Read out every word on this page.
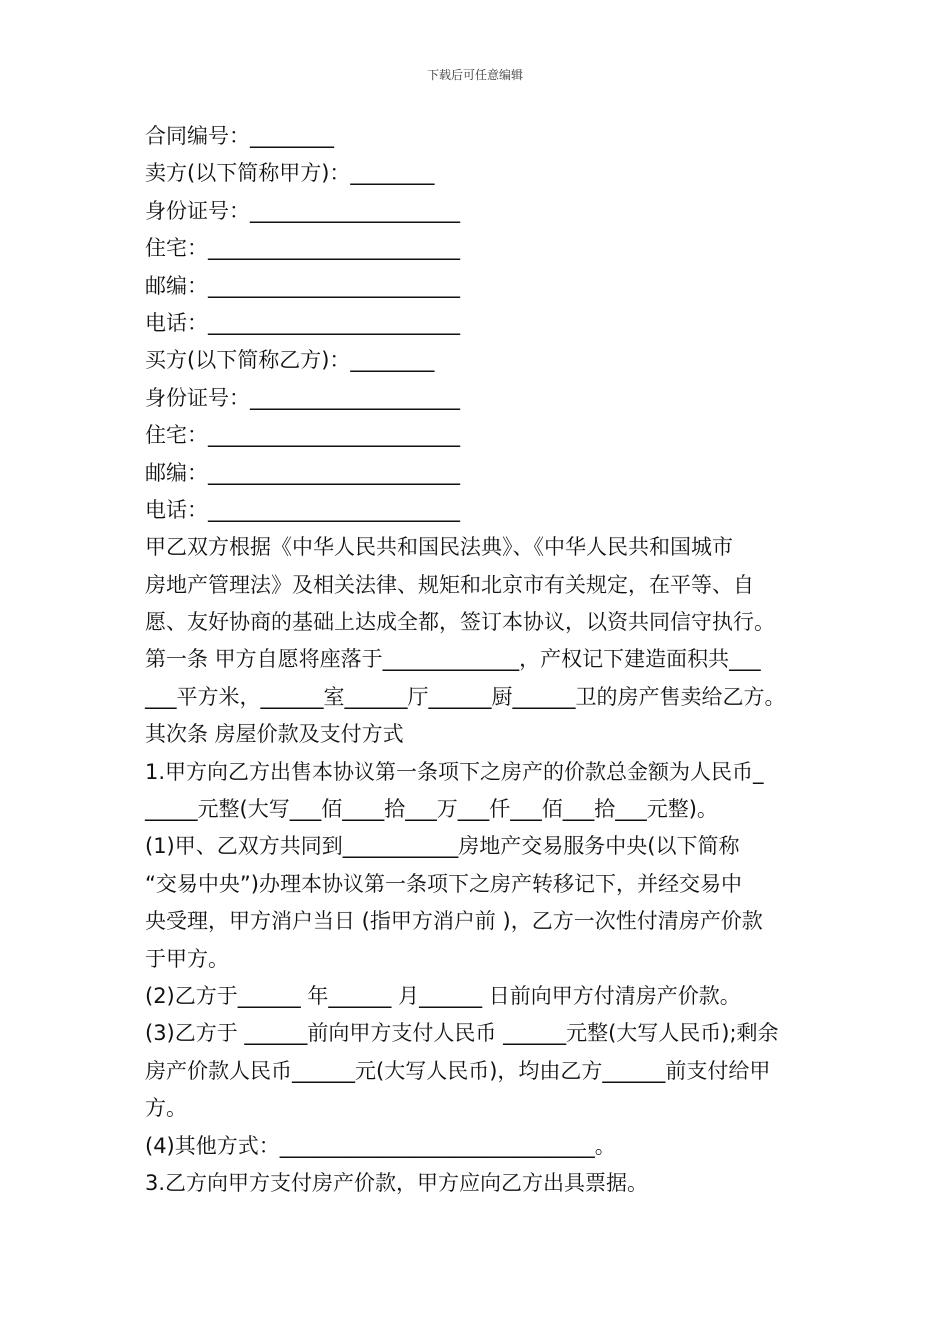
下载后可任意编辑
合同编号：________
卖方(以下简称甲方)：________
身份证号：____________________
住宅：________________________
邮编：________________________
电话：________________________
买方(以下简称乙方)：________
身份证号：____________________
住宅：________________________
邮编：________________________
电话：________________________
甲乙双方根据《中华人民共和国民法典》、《中华人民共和国城市
房地产管理法》及相关法律、规矩和北京市有关规定，在平等、自
愿、友好协商的基础上达成全都，签订本协议，以资共同信守执行。
第一条 甲方自愿将座落于_____________，产权记下建造面积共___
___平方米，______室______厅______厨______卫的房产售卖给乙方。
其次条 房屋价款及支付方式
1.甲方向乙方出售本协议第一条项下之房产的价款总金额为人民币_
_____元整(大写___佰____拾___万___仟___佰___拾___元整)。
(1)甲、乙双方共同到___________房地产交易服务中央(以下简称
“交易中央”)办理本协议第一条项下之房产转移记下，并经交易中
央受理，甲方消户当日 (指甲方消户前 )，乙方一次性付清房产价款
于甲方。
(2)乙方于______ 年______ 月______ 日前向甲方付清房产价款。
(3)乙方于 ______前向甲方支付人民币 ______元整(大写人民币);剩余
房产价款人民币______元(大写人民币)，均由乙方______前支付给甲
方。
(4)其他方式：______________________________。
3.乙方向甲方支付房产价款，甲方应向乙方出具票据。
